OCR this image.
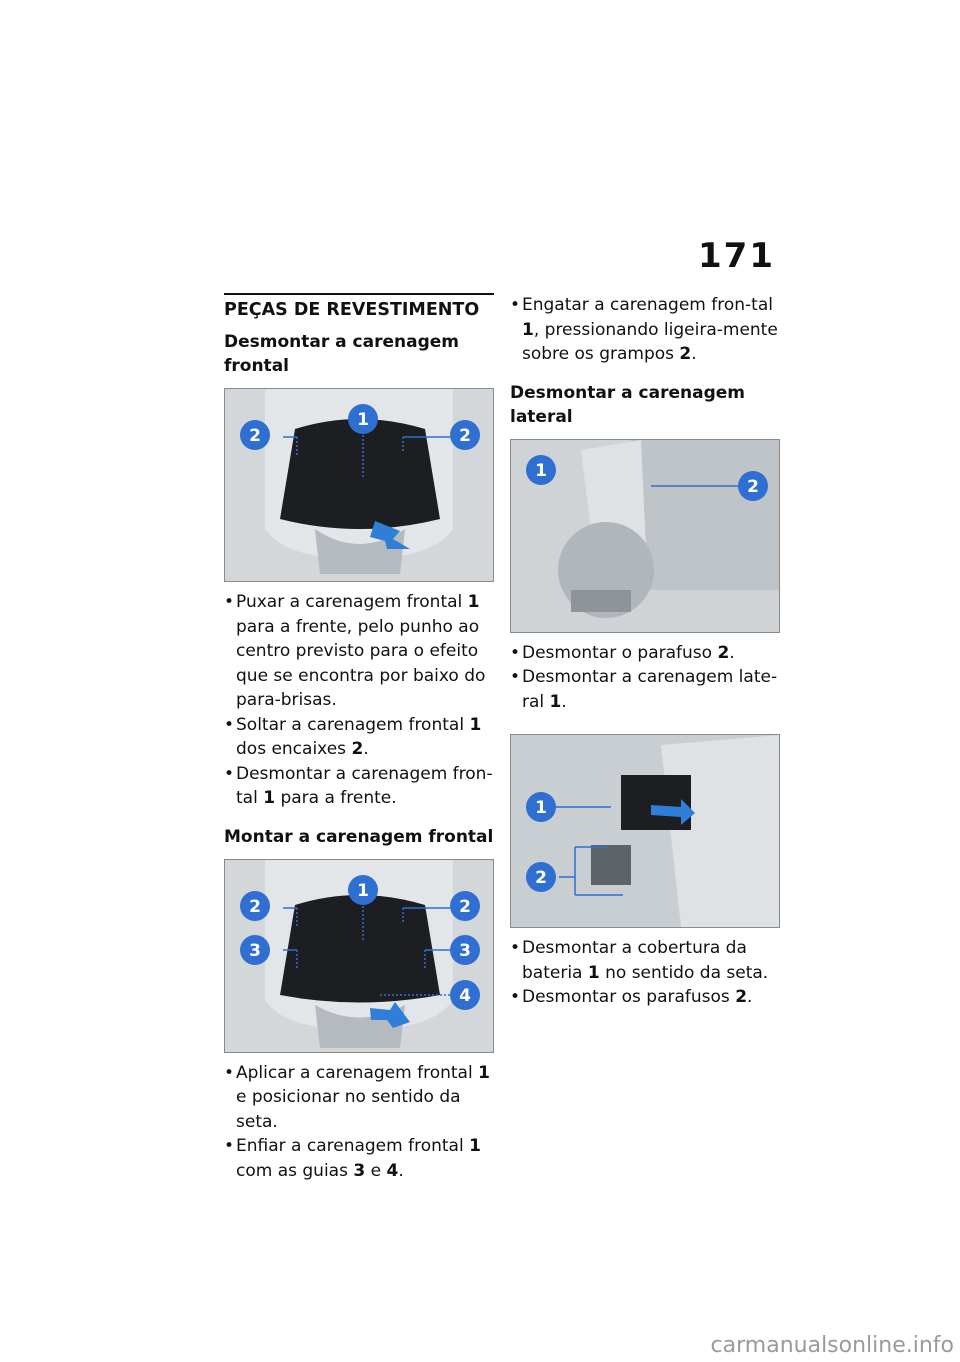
171
PEÇAS DE REVESTIMENTO
Desmontar a carenagem frontal
2
1
2
• Puxar a carenagem frontal 1 para a frente, pelo punho ao centro previsto para o efeito que se encontra por baixo do para-brisas.
• Soltar a carenagem frontal 1 dos encaixes 2.
• Desmontar a carenagem fron-tal 1 para a frente.
Montar a carenagem frontal
2
1
2
3	3
4
• Aplicar a carenagem frontal 1 e posicionar no sentido da seta.
• Enfiar a carenagem frontal 1 com as guias 3 e 4.
• Engatar a carenagem fron-tal 1, pressionando ligeira-mente sobre os grampos 2.
Desmontar a carenagem lateral
1
2
• Desmontar o parafuso 2.
• Desmontar a carenagem late-ral 1.
1
2
• Desmontar a cobertura da bateria 1 no sentido da seta.
• Desmontar os parafusos 2.
carmanualsonline.info
